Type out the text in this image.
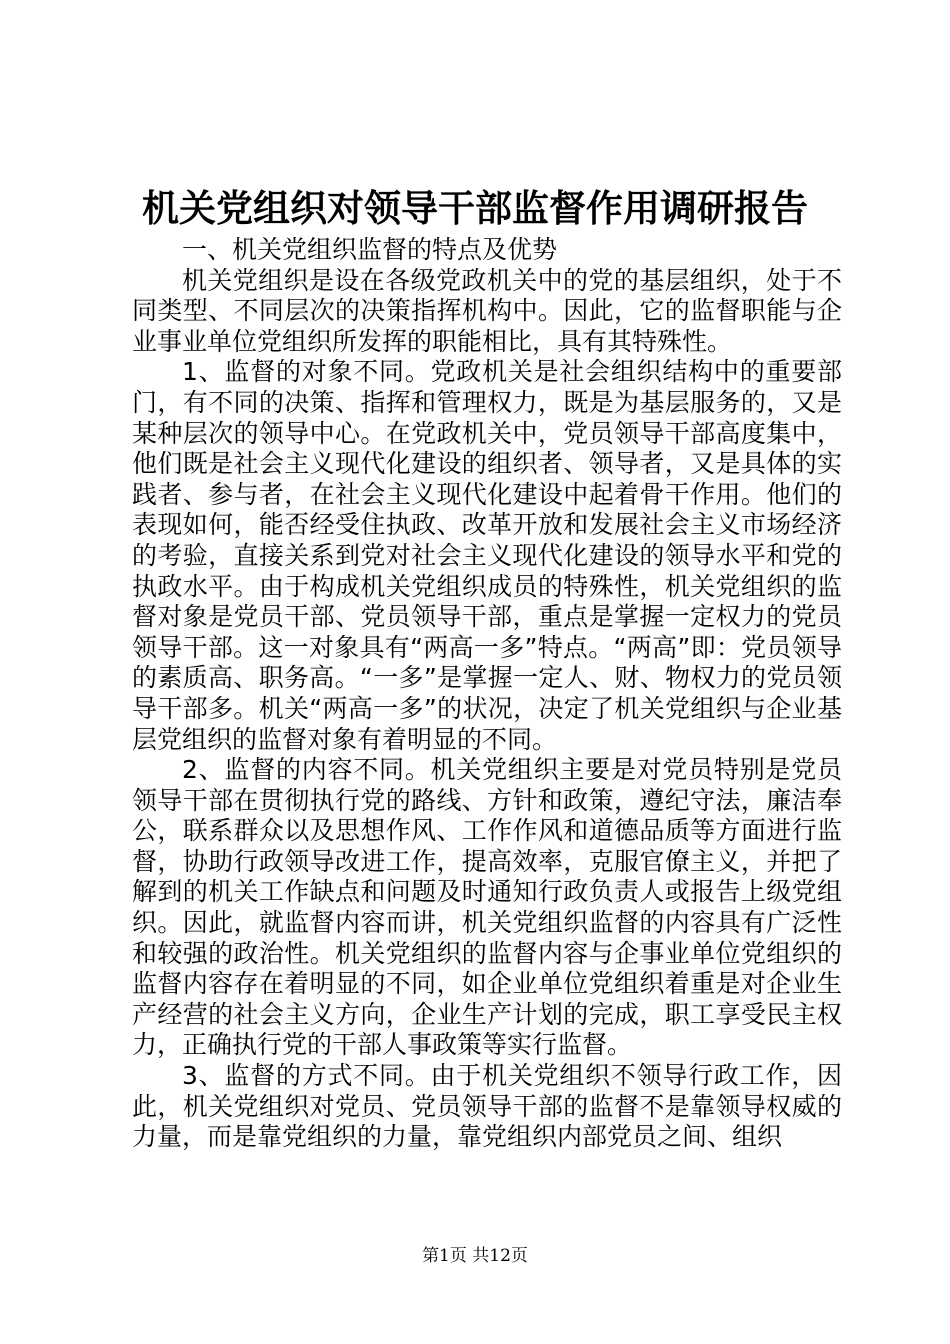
机关党组织对领导干部监督作用调研报告

一、机关党组织监督的特点及优势

机关党组织是设在各级党政机关中的党的基层组织，处于不同类型、不同层次的决策指挥机构中。因此，它的监督职能与企业事业单位党组织所发挥的职能相比，具有其特殊性。

1、监督的对象不同。党政机关是社会组织结构中的重要部门，有不同的决策、指挥和管理权力，既是为基层服务的，又是某种层次的领导中心。在党政机关中，党员领导干部高度集中，他们既是社会主义现代化建设的组织者、领导者，又是具体的实践者、参与者，在社会主义现代化建设中起着骨干作用。他们的表现如何，能否经受住执政、改革开放和发展社会主义市场经济的考验，直接关系到党对社会主义现代化建设的领导水平和党的执政水平。由于构成机关党组织成员的特殊性，机关党组织的监督对象是党员干部、党员领导干部，重点是掌握一定权力的党员领导干部。这一对象具有“两高一多”特点。“两高”即：党员领导的素质高、职务高。“一多”是掌握一定人、财、物权力的党员领导干部多。机关“两高一多”的状况，决定了机关党组织与企业基层党组织的监督对象有着明显的不同。

2、监督的内容不同。机关党组织主要是对党员特别是党员领导干部在贯彻执行党的路线、方针和政策，遵纪守法，廉洁奉公，联系群众以及思想作风、工作作风和道德品质等方面进行监督，协助行政领导改进工作，提高效率，克服官僚主义，并把了解到的机关工作缺点和问题及时通知行政负责人或报告上级党组织。因此，就监督内容而讲，机关党组织监督的内容具有广泛性和较强的政治性。机关党组织的监督内容与企事业单位党组织的监督内容存在着明显的不同，如企业单位党组织着重是对企业生产经营的社会主义方向，企业生产计划的完成，职工享受民主权力，正确执行党的干部人事政策等实行监督。

3、监督的方式不同。由于机关党组织不领导行政工作，因此，机关党组织对党员、党员领导干部的监督不是靠领导权威的力量，而是靠党组织的力量，靠党组织内部党员之间、组织

第1页 共12页
